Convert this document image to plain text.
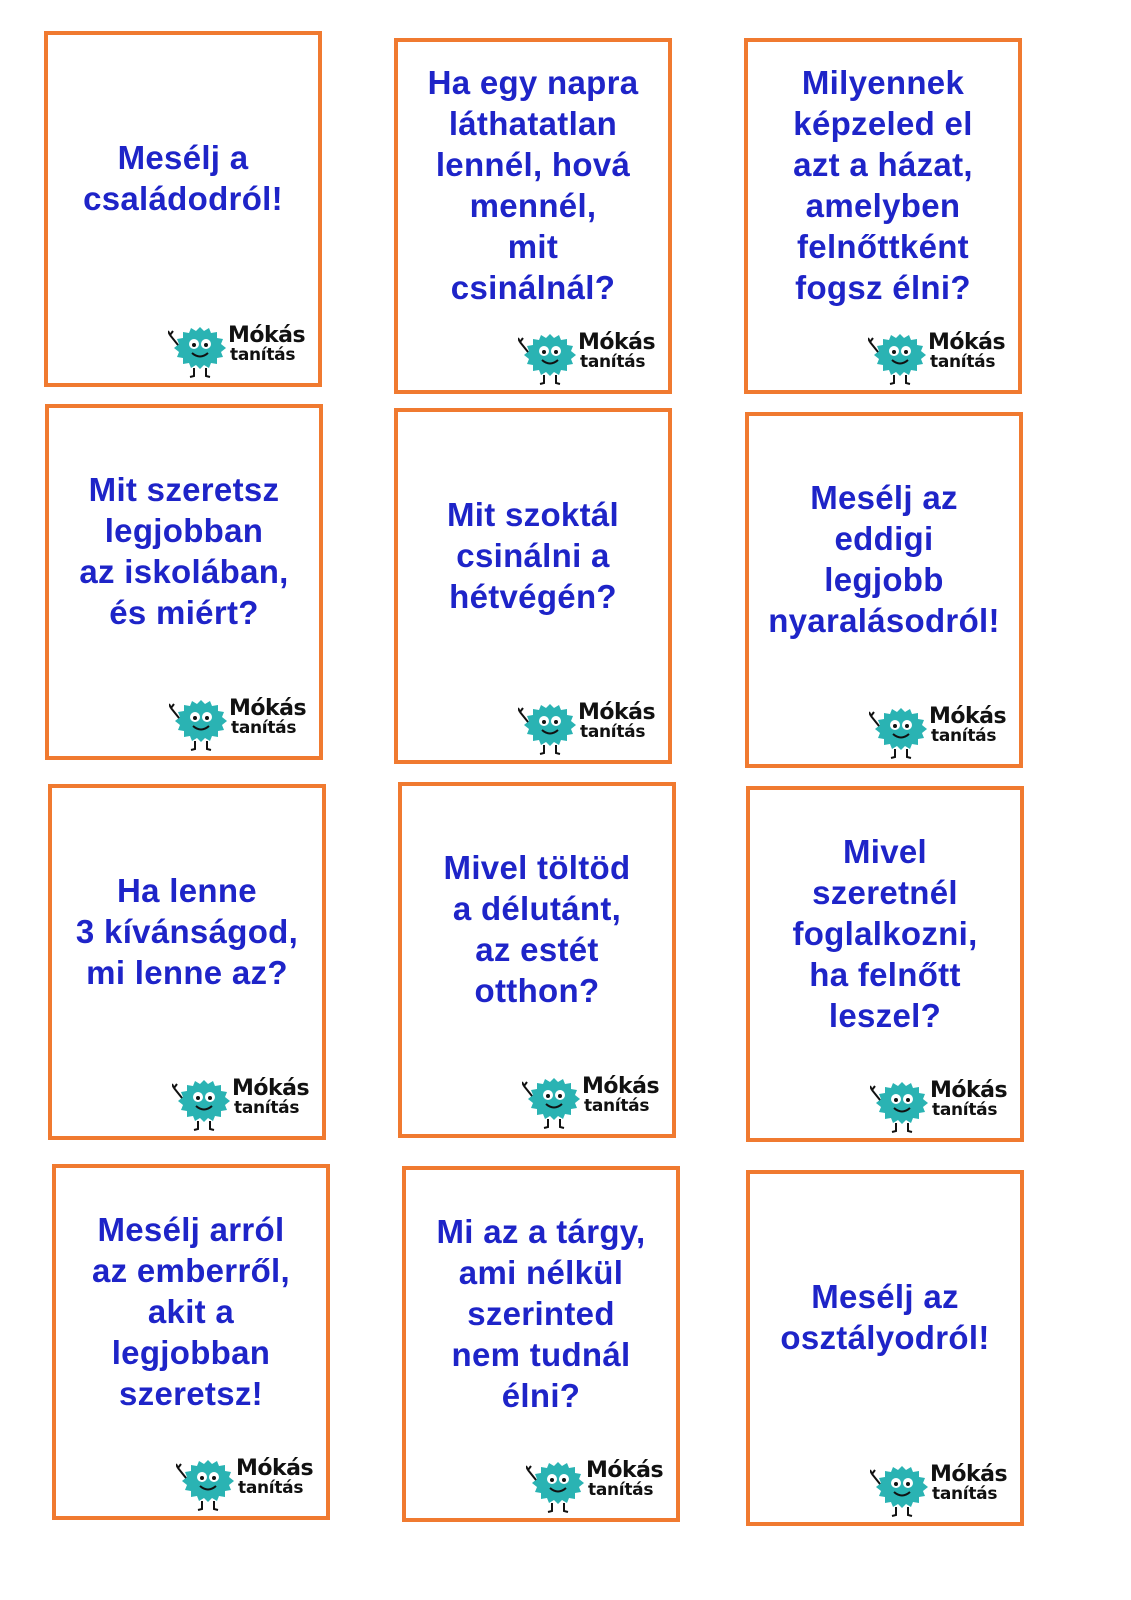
Mesélj a
családodról!
Mókás
tanítás
Ha egy napra
láthatatlan
lennél, hová
mennél,
mit
csinálnál?
Mókás
tanítás
Milyennek
képzeled el
azt a házat,
amelyben
felnőttként
fogsz élni?
Mókás
tanítás
Mit szeretsz
legjobban
az iskolában,
és miért?
Mókás
tanítás
Mit szoktál
csinálni a
hétvégén?
Mókás
tanítás
Mesélj az
eddigi
legjobb
nyaralásodról!
Mókás
tanítás
Ha lenne
3 kívánságod,
mi lenne az?
Mókás
tanítás
Mivel töltöd
a délutánt,
az estét
otthon?
Mókás
tanítás
Mivel
szeretnél
foglalkozni,
ha felnőtt
leszel?
Mókás
tanítás
Mesélj arról
az emberről,
akit a
legjobban
szeretsz!
Mókás
tanítás
Mi az a tárgy,
ami nélkül
szerinted
nem tudnál
élni?
Mókás
tanítás
Mesélj az
osztályodról!
Mókás
tanítás
